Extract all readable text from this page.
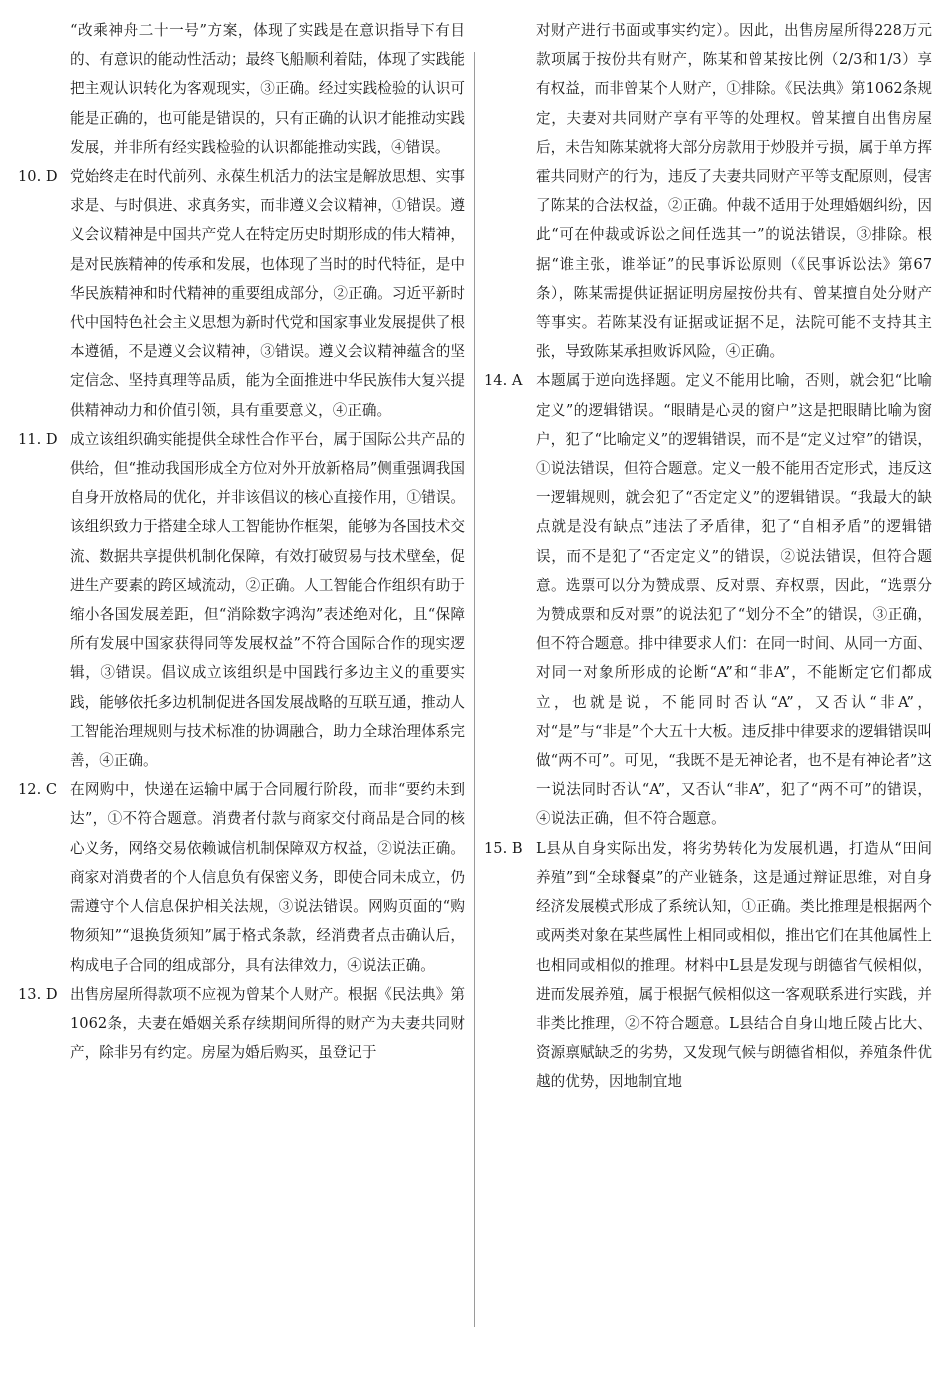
“改乘神舟二十一号”方案，体现了实践是在意识指导下有目的、有意识的能动性活动；最终飞船顺利着陆，体现了实践能把主观认识转化为客观现实，③正确。经过实践检验的认识可能是正确的，也可能是错误的，只有正确的认识才能推动实践发展，并非所有经实践检验的认识都能推动实践，④错误。

10. D 党始终走在时代前列、永葆生机活力的法宝是解放思想、实事求是、与时俱进、求真务实，而非遵义会议精神，①错误。遵义会议精神是中国共产党人在特定历史时期形成的伟大精神，是对民族精神的传承和发展，也体现了当时的时代特征，是中华民族精神和时代精神的重要组成部分，②正确。习近平新时代中国特色社会主义思想为新时代党和国家事业发展提供了根本遵循，不是遵义会议精神，③错误。遵义会议精神蕴含的坚定信念、坚持真理等品质，能为全面推进中华民族伟大复兴提供精神动力和价值引领，具有重要意义，④正确。
11. D 成立该组织确实能提供全球性合作平台，属于国际公共产品的供给，但“推动我国形成全方位对外开放新格局”侧重强调我国自身开放格局的优化，并非该倡议的核心直接作用，①错误。该组织致力于搭建全球人工智能协作框架，能够为各国技术交流、数据共享提供机制化保障，有效打破贸易与技术壁垒，促进生产要素的跨区域流动，②正确。人工智能合作组织有助于缩小各国发展差距，但“消除数字鸿沟”表述绝对化，且“保障所有发展中国家获得同等发展权益”不符合国际合作的现实逻辑，③错误。倡议成立该组织是中国践行多边主义的重要实践，能够依托多边机制促进各国发展战略的互联互通，推动人工智能治理规则与技术标准的协调融合，助力全球治理体系完善，④正确。
12. C 在网购中，快递在运输中属于合同履行阶段，而非“要约未到达”，①不符合题意。消费者付款与商家交付商品是合同的核心义务，网络交易依赖诚信机制保障双方权益，②说法正确。商家对消费者的个人信息负有保密义务，即使合同未成立，仍需遵守个人信息保护相关法规，③说法错误。网购页面的“购物须知”“退换货须知”属于格式条款，经消费者点击确认后，构成电子合同的组成部分，具有法律效力，④说法正确。
13. D 出售房屋所得款项不应视为曾某个人财产。根据《民法典》第1062条，夫妻在婚姻关系存续期间所得的财产为夫妻共同财产，除非另有约定。房屋为婚后购买，虽登记于

对财产进行书面或事实约定）。因此，出售房屋所得228万元款项属于按份共有财产，陈某和曾某按比例（2/3和1/3）享有权益，而非曾某个人财产，①排除。《民法典》第1062条规定，夫妻对共同财产享有平等的处理权。曾某擅自出售房屋后，未告知陈某就将大部分房款用于炒股并亏损，属于单方挥霍共同财产的行为，违反了夫妻共同财产平等支配原则，侵害了陈某的合法权益，②正确。仲裁不适用于处理婚姻纠纷，因此“可在仲裁或诉讼之间任选其一”的说法错误，③排除。根据“谁主张，谁举证”的民事诉讼原则（《民事诉讼法》第67条），陈某需提供证据证明房屋按份共有、曾某擅自处分财产等事实。若陈某没有证据或证据不足，法院可能不支持其主张，导致陈某承担败诉风险，④正确。

14. A 本题属于逆向选择题。定义不能用比喻，否则，就会犯“比喻定义”的逻辑错误。“眼睛是心灵的窗户”这是把眼睛比喻为窗户，犯了“比喻定义”的逻辑错误，而不是“定义过窄”的错误，①说法错误，但符合题意。定义一般不能用否定形式，违反这一逻辑规则，就会犯了“否定定义”的逻辑错误。“我最大的缺点就是没有缺点”违法了矛盾律，犯了“自相矛盾”的逻辑错误，而不是犯了“否定定义”的错误，②说法错误，但符合题意。选票可以分为赞成票、反对票、弃权票，因此，“选票分为赞成票和反对票”的说法犯了“划分不全”的错误，③正确，但不符合题意。排中律要求人们：在同一时间、从同一方面、对同一对象所形成的论断“A”和“非A”，不能断定它们都成立，也就是说，不能同时否认“A”，又否认“非A”，对“是”与“非是”个大五十大板。违反排中律要求的逻辑错误叫做“两不可”。可见，“我既不是无神论者，也不是有神论者”这一说法同时否认“A”，又否认“非A”，犯了“两不可”的错误，④说法正确，但不符合题意。
15. B L县从自身实际出发，将劣势转化为发展机遇，打造从“田间养殖”到“全球餐桌”的产业链条，这是通过辩证思维，对自身经济发展模式形成了系统认知，①正确。类比推理是根据两个或两类对象在某些属性上相同或相似，推出它们在其他属性上也相同或相似的推理。材料中L县是发现与朗德省气候相似，进而发展养殖，属于根据气候相似这一客观联系进行实践，并非类比推理，②不符合题意。L县结合自身山地丘陵占比大、资源禀赋缺乏的劣势，又发现气候与朗德省相似，养殖条件优越的优势，因地制宜地
